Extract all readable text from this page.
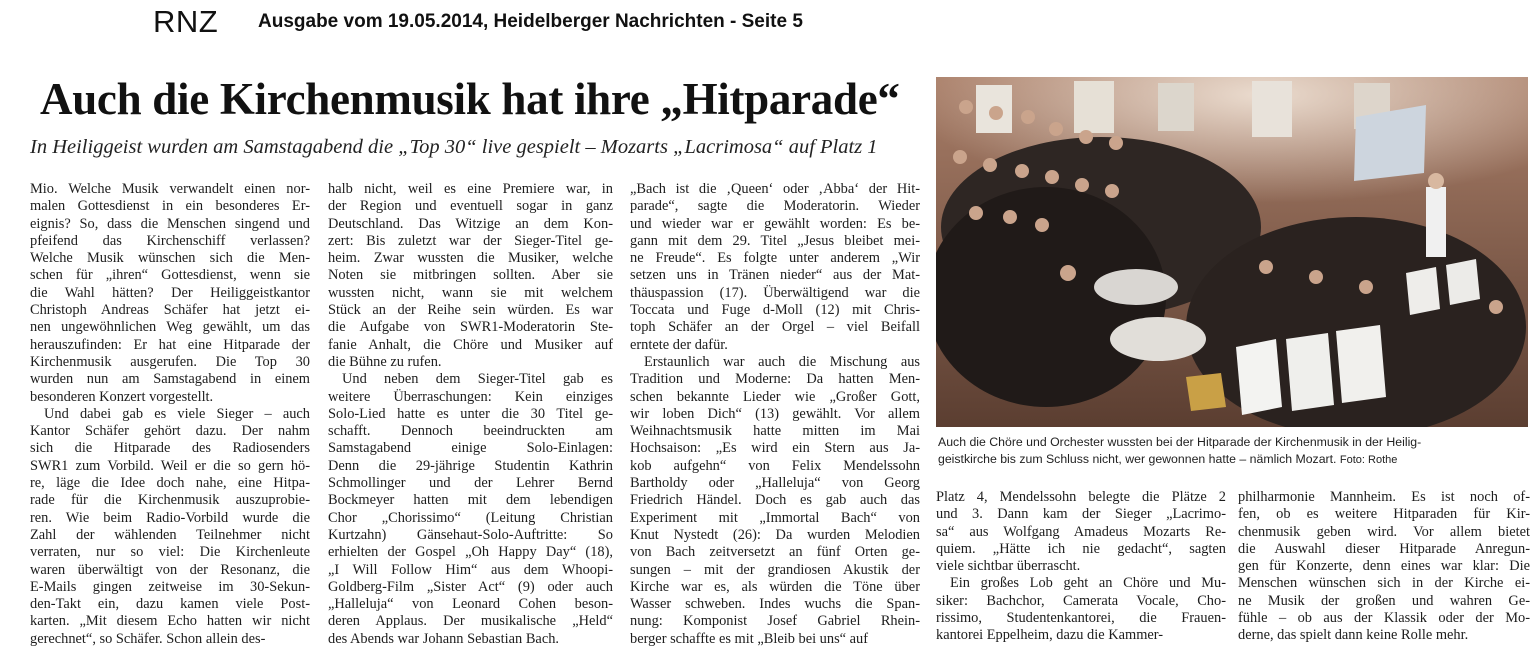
RNZ Ausgabe vom 19.05.2014, Heidelberger Nachrichten - Seite 5
Auch die Kirchenmusik hat ihre „Hitparade“
In Heiliggeist wurden am Samstagabend die „Top 30“ live gespielt – Mozarts „Lacrimosa“ auf Platz 1
Mio. Welche Musik verwandelt einen nor-
malen Gottesdienst in ein besonderes Er-
eignis? So, dass die Menschen singend und
pfeifend das Kirchenschiff verlassen?
Welche Musik wünschen sich die Men-
schen für „ihren“ Gottesdienst, wenn sie
die Wahl hätten? Der Heiliggeistkantor
Christoph Andreas Schäfer hat jetzt ei-
nen ungewöhnlichen Weg gewählt, um das
herauszufinden: Er hat eine Hitparade der
Kirchenmusik ausgerufen. Die Top 30
wurden nun am Samstagabend in einem
besonderen Konzert vorgestellt.
Und dabei gab es viele Sieger – auch
Kantor Schäfer gehört dazu. Der nahm
sich die Hitparade des Radiosenders
SWR1 zum Vorbild. Weil er die so gern hö-
re, läge die Idee doch nahe, eine Hitpa-
rade für die Kirchenmusik auszuprobie-
ren. Wie beim Radio-Vorbild wurde die
Zahl der wählenden Teilnehmer nicht
verraten, nur so viel: Die Kirchenleute
waren überwältigt von der Resonanz, die
E-Mails gingen zeitweise im 30-Sekun-
den-Takt ein, dazu kamen viele Post-
karten. „Mit diesem Echo hatten wir nicht
gerechnet“, so Schäfer. Schon allein des-
halb nicht, weil es eine Premiere war, in
der Region und eventuell sogar in ganz
Deutschland. Das Witzige an dem Kon-
zert: Bis zuletzt war der Sieger-Titel ge-
heim. Zwar wussten die Musiker, welche
Noten sie mitbringen sollten. Aber sie
wussten nicht, wann sie mit welchem
Stück an der Reihe sein würden. Es war
die Aufgabe von SWR1-Moderatorin Ste-
fanie Anhalt, die Chöre und Musiker auf
die Bühne zu rufen.
Und neben dem Sieger-Titel gab es
weitere Überraschungen: Kein einziges
Solo-Lied hatte es unter die 30 Titel ge-
schafft. Dennoch beeindruckten am
Samstagabend einige Solo-Einlagen:
Denn die 29-jährige Studentin Kathrin
Schmollinger und der Lehrer Bernd
Bockmeyer hatten mit dem lebendigen
Chor „Chorissimo“ (Leitung Christian
Kurtzahn) Gänsehaut-Solo-Auftritte: So
erhielten der Gospel „Oh Happy Day“ (18),
„I Will Follow Him“ aus dem Whoopi-
Goldberg-Film „Sister Act“ (9) oder auch
„Halleluja“ von Leonard Cohen beson-
deren Applaus. Der musikalische „Held“
des Abends war Johann Sebastian Bach.
„Bach ist die ‚Queen‘ oder ‚Abba‘ der Hit-
parade“, sagte die Moderatorin. Wieder
und wieder war er gewählt worden: Es be-
gann mit dem 29. Titel „Jesus bleibet mei-
ne Freude“. Es folgte unter anderem „Wir
setzen uns in Tränen nieder“ aus der Mat-
thäuspassion (17). Überwältigend war die
Toccata und Fuge d-Moll (12) mit Chris-
toph Schäfer an der Orgel – viel Beifall
erntete der dafür.
Erstaunlich war auch die Mischung aus
Tradition und Moderne: Da hatten Men-
schen bekannte Lieder wie „Großer Gott,
wir loben Dich“ (13) gewählt. Vor allem
Weihnachtsmusik hatte mitten im Mai
Hochsaison: „Es wird ein Stern aus Ja-
kob aufgehn“ von Felix Mendelssohn
Bartholdy oder „Halleluja“ von Georg
Friedrich Händel. Doch es gab auch das
Experiment mit „Immortal Bach“ von
Knut Nystedt (26): Da wurden Melodien
von Bach zeitversetzt an fünf Orten ge-
sungen – mit der grandiosen Akustik der
Kirche war es, als würden die Töne über
Wasser schweben. Indes wuchs die Span-
nung: Komponist Josef Gabriel Rhein-
berger schaffte es mit „Bleib bei uns“ auf
Platz 4, Mendelssohn belegte die Plätze 2
und 3. Dann kam der Sieger „Lacrimo-
sa“ aus Wolfgang Amadeus Mozarts Re-
quiem. „Hätte ich nie gedacht“, sagten
viele sichtbar überrascht.
Ein großes Lob geht an Chöre und Mu-
siker: Bachchor, Camerata Vocale, Cho-
rissimo, Studentenkantorei, die Frauen-
kantorei Eppelheim, dazu die Kammer-
philharmonie Mannheim. Es ist noch of-
fen, ob es weitere Hitparaden für Kir-
chenmusik geben wird. Vor allem bietet
die Auswahl dieser Hitparade Anregun-
gen für Konzerte, denn eines war klar: Die
Menschen wünschen sich in der Kirche ei-
ne Musik der großen und wahren Ge-
fühle – ob aus der Klassik oder der Mo-
derne, das spielt dann keine Rolle mehr.
Auch die Chöre und Orchester wussten bei der Hitparade der Kirchenmusik in der Heilig-
geistkirche bis zum Schluss nicht, wer gewonnen hatte – nämlich Mozart. Foto: Rothe
